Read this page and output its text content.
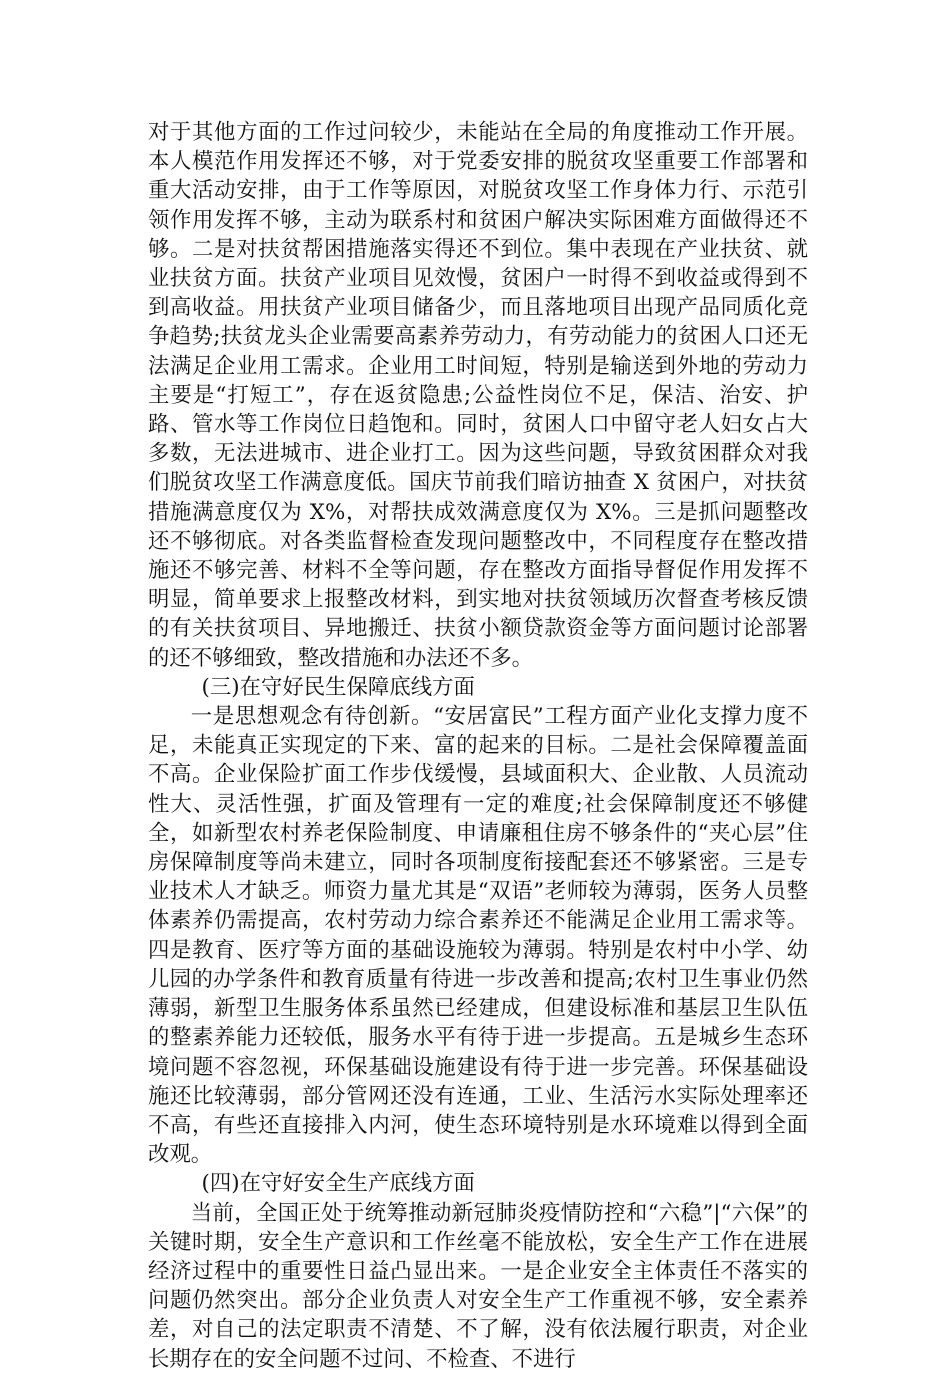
对于其他方面的工作过问较少，未能站在全局的角度推动工作开展。本人模范作用发挥还不够，对于党委安排的脱贫攻坚重要工作部署和重大活动安排，由于工作等原因，对脱贫攻坚工作身体力行、示范引领作用发挥不够，主动为联系村和贫困户解决实际困难方面做得还不够。二是对扶贫帮困措施落实得还不到位。集中表现在产业扶贫、就业扶贫方面。扶贫产业项目见效慢，贫困户一时得不到收益或得到不到高收益。用扶贫产业项目储备少，而且落地项目出现产品同质化竞争趋势;扶贫龙头企业需要高素养劳动力，有劳动能力的贫困人口还无法满足企业用工需求。企业用工时间短，特别是输送到外地的劳动力主要是“打短工”，存在返贫隐患;公益性岗位不足，保洁、治安、护路、管水等工作岗位日趋饱和。同时，贫困人口中留守老人妇女占大多数，无法进城市、进企业打工。因为这些问题，导致贫困群众对我们脱贫攻坚工作满意度低。国庆节前我们暗访抽查 X 贫困户，对扶贫措施满意度仅为 X%，对帮扶成效满意度仅为 X%。三是抓问题整改还不够彻底。对各类监督检查发现问题整改中，不同程度存在整改措施还不够完善、材料不全等问题，存在整改方面指导督促作用发挥不明显，简单要求上报整改材料，到实地对扶贫领域历次督查考核反馈的有关扶贫项目、异地搬迁、扶贫小额贷款资金等方面问题讨论部署的还不够细致，整改措施和办法还不多。

(三)在守好民生保障底线方面

一是思想观念有待创新。“安居富民”工程方面产业化支撑力度不足，未能真正实现定的下来、富的起来的目标。二是社会保障覆盖面不高。企业保险扩面工作步伐缓慢，县域面积大、企业散、人员流动性大、灵活性强，扩面及管理有一定的难度;社会保障制度还不够健全，如新型农村养老保险制度、申请廉租住房不够条件的“夹心层”住房保障制度等尚未建立，同时各项制度衔接配套还不够紧密。三是专业技术人才缺乏。师资力量尤其是“双语”老师较为薄弱，医务人员整体素养仍需提高，农村劳动力综合素养还不能满足企业用工需求等。四是教育、医疗等方面的基础设施较为薄弱。特别是农村中小学、幼儿园的办学条件和教育质量有待进一步改善和提高;农村卫生事业仍然薄弱，新型卫生服务体系虽然已经建成，但建设标准和基层卫生队伍的整素养能力还较低，服务水平有待于进一步提高。五是城乡生态环境问题不容忽视，环保基础设施建设有待于进一步完善。环保基础设施还比较薄弱，部分管网还没有连通，工业、生活污水实际处理率还不高，有些还直接排入内河，使生态环境特别是水环境难以得到全面改观。

(四)在守好安全生产底线方面

当前，全国正处于统筹推动新冠肺炎疫情防控和“六稳”|“六保”的关键时期，安全生产意识和工作丝毫不能放松，安全生产工作在进展经济过程中的重要性日益凸显出来。一是企业安全主体责任不落实的问题仍然突出。部分企业负责人对安全生产工作重视不够，安全素养差，对自己的法定职责不清楚、不了解，没有依法履行职责，对企业长期存在的安全问题不过问、不检查、不进行
